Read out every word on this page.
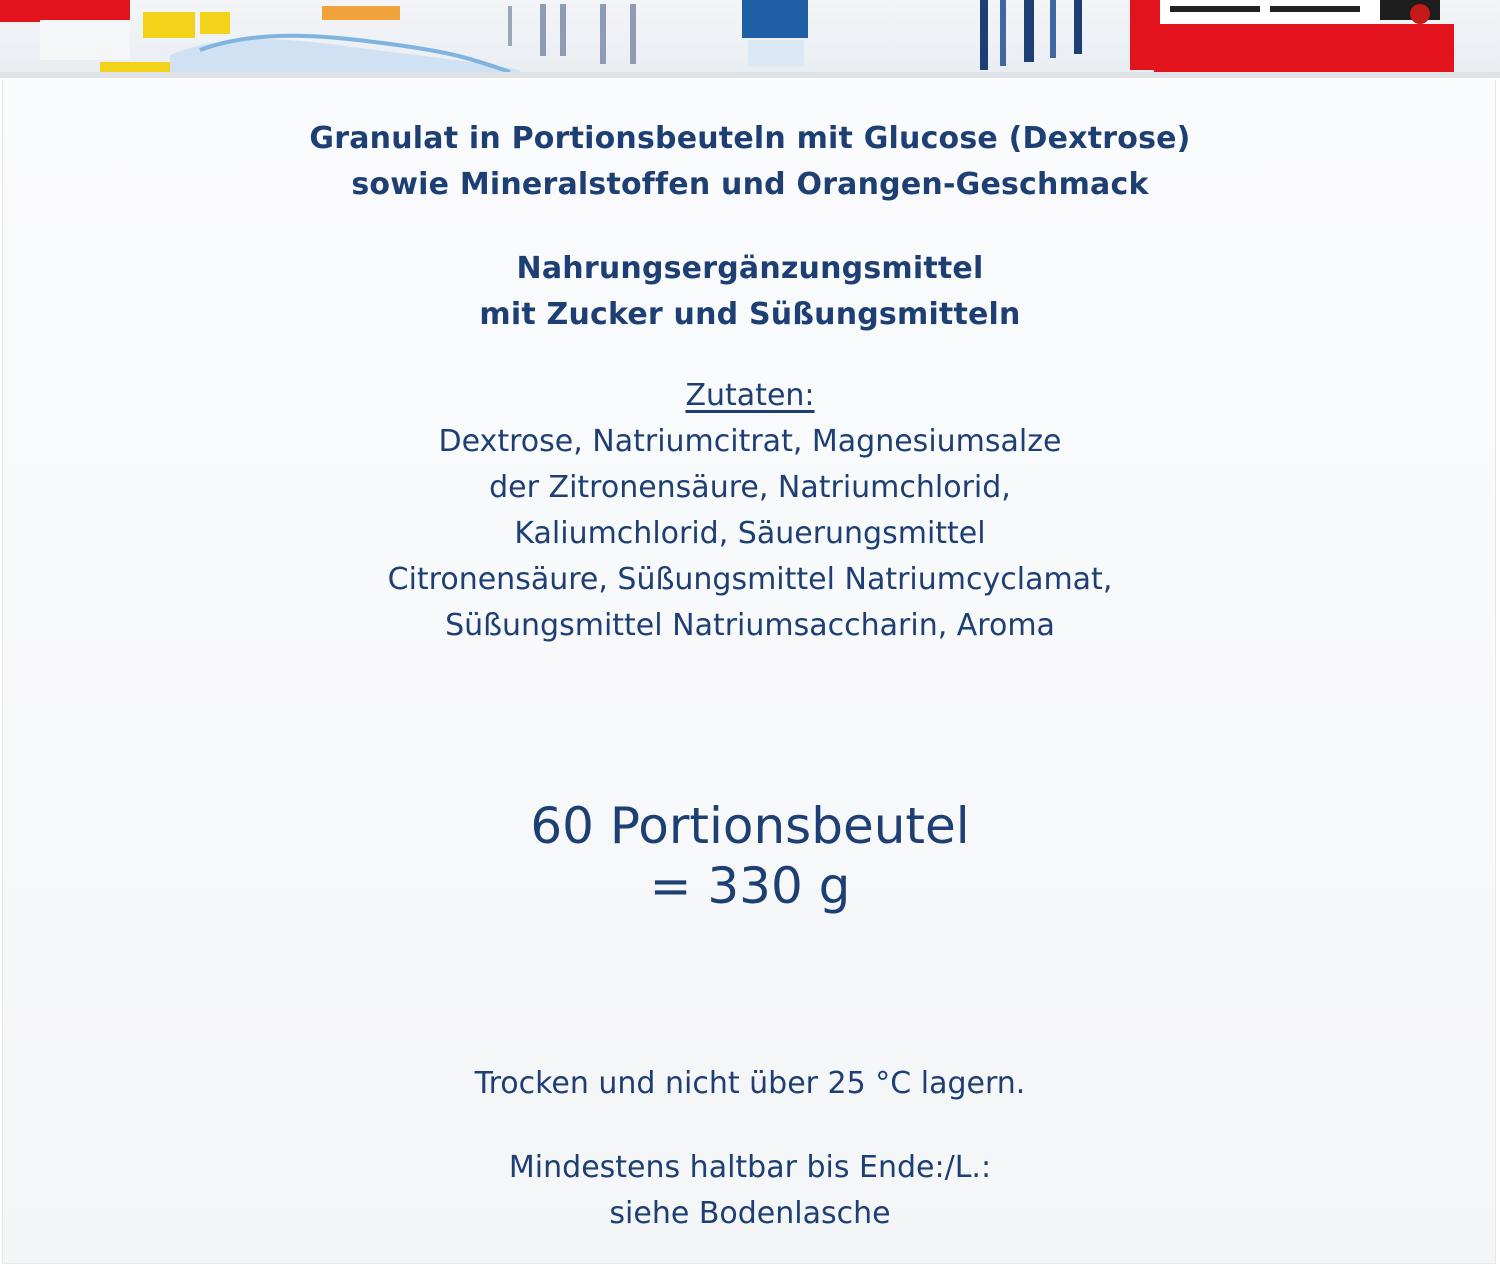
Granulat in Portionsbeuteln mit Glucose (Dextrose)
sowie Mineralstoffen und Orangen-Geschmack
Nahrungsergänzungsmittel
mit Zucker und Süßungsmitteln
Zutaten:
Dextrose, Natriumcitrat, Magnesiumsalze
der Zitronensäure, Natriumchlorid,
Kaliumchlorid, Säuerungsmittel
Citronensäure, Süßungsmittel Natriumcyclamat,
Süßungsmittel Natriumsaccharin, Aroma
60 Portionsbeutel
= 330 g
Trocken und nicht über 25 °C lagern.
Mindestens haltbar bis Ende:/L.:
siehe Bodenlasche
